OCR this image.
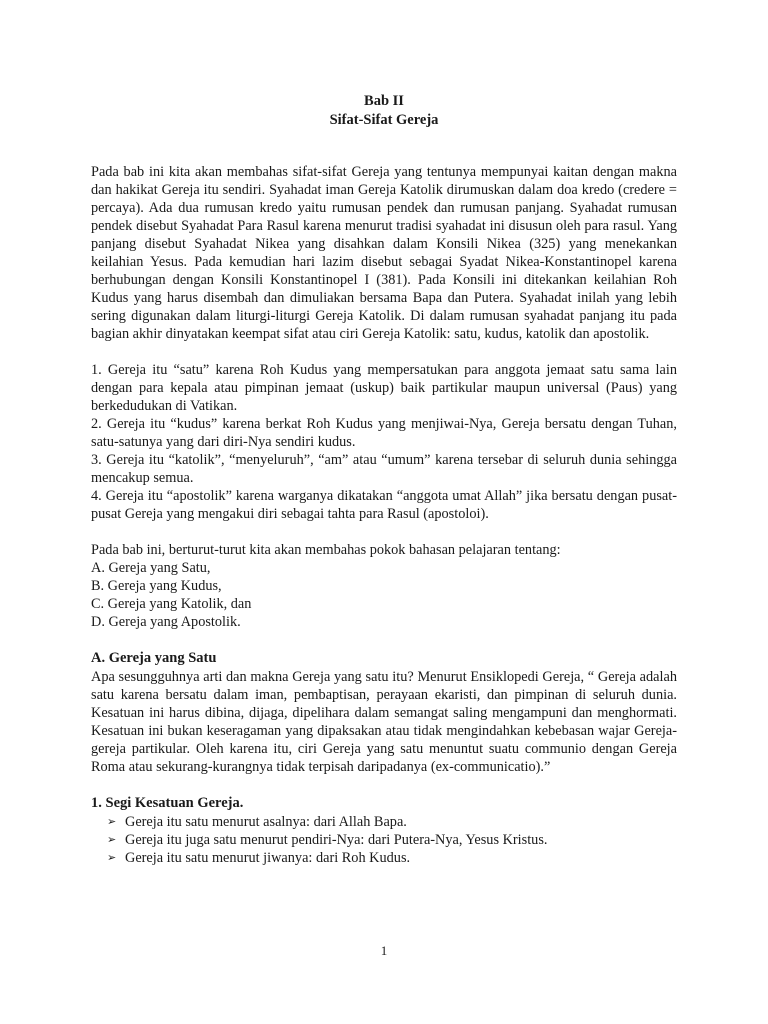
Bab II
Sifat-Sifat Gereja

Pada bab ini kita akan membahas sifat-sifat Gereja yang tentunya mempunyai kaitan dengan makna dan hakikat Gereja itu sendiri. Syahadat iman Gereja Katolik dirumuskan dalam doa kredo (credere = percaya). Ada dua rumusan kredo yaitu rumusan pendek dan rumusan panjang. Syahadat rumusan pendek disebut Syahadat Para Rasul karena menurut tradisi syahadat ini disusun oleh para rasul. Yang panjang disebut Syahadat Nikea yang disahkan dalam Konsili Nikea (325) yang menekankan keilahian Yesus. Pada kemudian hari lazim disebut sebagai Syadat Nikea-Konstantinopel karena berhubungan dengan Konsili Konstantinopel I (381). Pada Konsili ini ditekankan keilahian Roh Kudus yang harus disembah dan dimuliakan bersama Bapa dan Putera. Syahadat inilah yang lebih sering digunakan dalam liturgi-liturgi Gereja Katolik. Di dalam rumusan syahadat panjang itu pada bagian akhir dinyatakan keempat sifat atau ciri Gereja Katolik: satu, kudus, katolik dan apostolik.

1. Gereja itu “satu” karena Roh Kudus yang mempersatukan para anggota jemaat satu sama lain dengan para kepala atau pimpinan jemaat (uskup) baik partikular maupun universal (Paus) yang berkedudukan di Vatikan.

2. Gereja itu “kudus” karena berkat Roh Kudus yang menjiwai-Nya, Gereja bersatu dengan Tuhan, satu-satunya yang dari diri-Nya sendiri kudus.

3. Gereja itu “katolik”, “menyeluruh”, “am” atau “umum” karena tersebar di seluruh dunia sehingga mencakup semua.

4. Gereja itu “apostolik” karena warganya dikatakan “anggota umat Allah” jika bersatu dengan pusat-pusat Gereja yang mengakui diri sebagai tahta para Rasul (apostoloi).

Pada bab ini, berturut-turut kita akan membahas pokok bahasan pelajaran tentang:

A. Gereja yang Satu,
B. Gereja yang Kudus,
C. Gereja yang Katolik, dan
D. Gereja yang Apostolik.
A. Gereja yang Satu

Apa sesungguhnya arti dan makna Gereja yang satu itu? Menurut Ensiklopedi Gereja, “ Gereja adalah satu karena bersatu dalam iman, pembaptisan, perayaan ekaristi, dan pimpinan di seluruh dunia. Kesatuan ini harus dibina, dijaga, dipelihara dalam semangat saling mengampuni dan menghormati. Kesatuan ini bukan keseragaman yang dipaksakan atau tidak mengindahkan kebebasan wajar Gereja-gereja partikular. Oleh karena itu, ciri Gereja yang satu menuntut suatu communio dengan Gereja Roma atau sekurang-kurangnya tidak terpisah daripadanya (ex-communicatio).”

1. Segi Kesatuan Gereja.
➢ Gereja itu satu menurut asalnya: dari Allah Bapa.
➢ Gereja itu juga satu menurut pendiri-Nya: dari Putera-Nya, Yesus Kristus.
➢ Gereja itu satu menurut jiwanya: dari Roh Kudus.
1
